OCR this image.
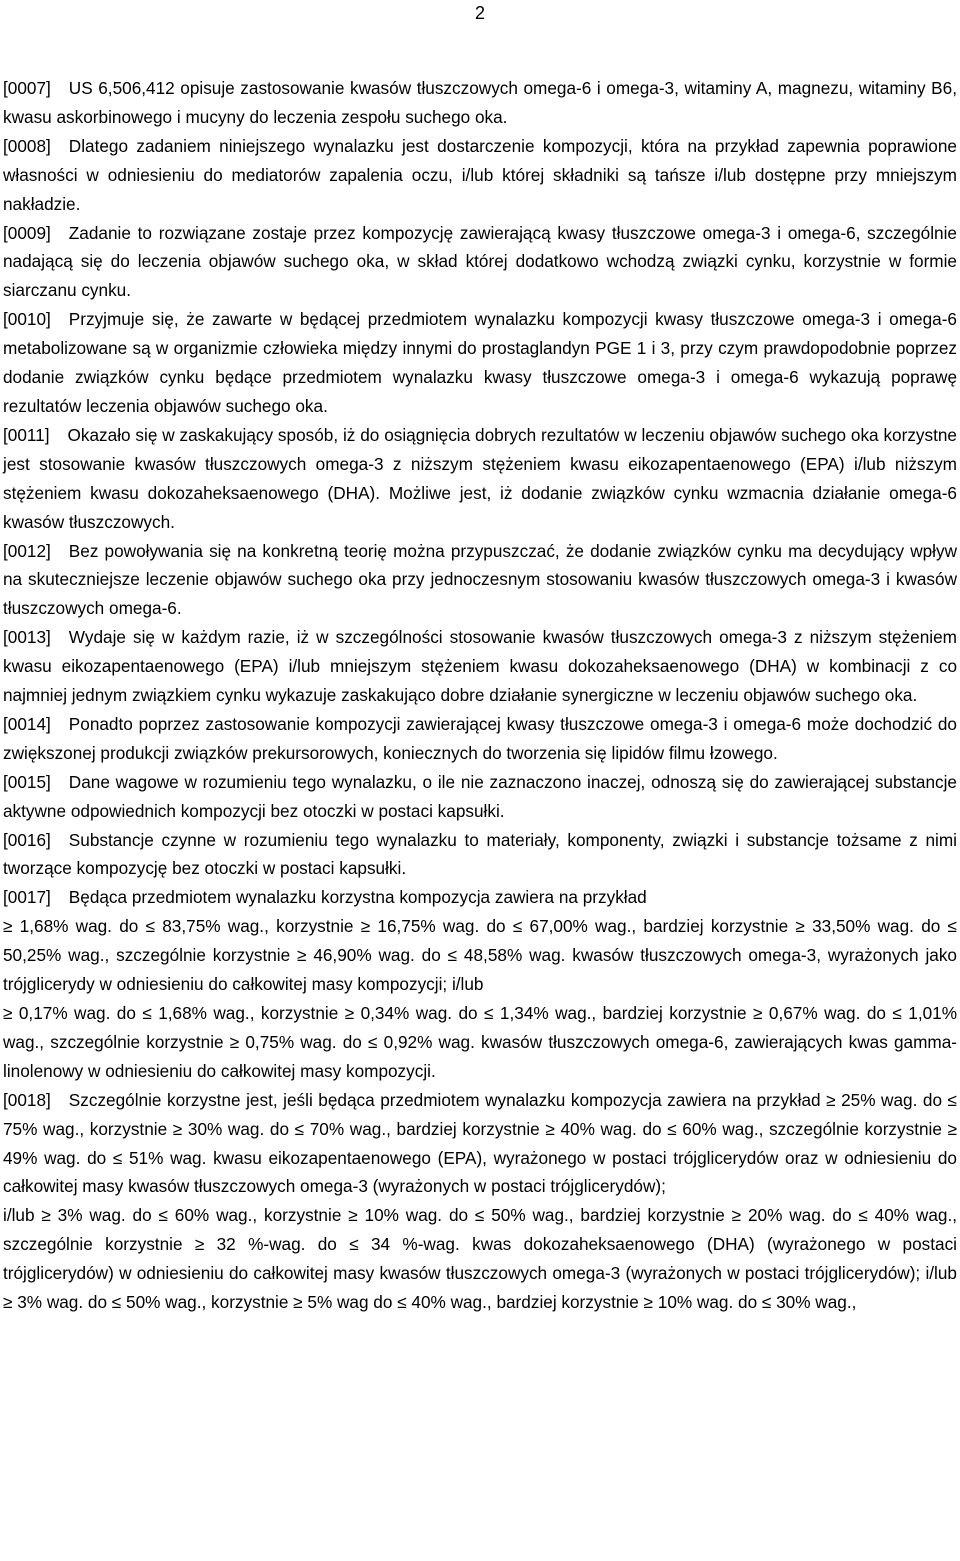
2

[0007] US 6,506,412 opisuje zastosowanie kwasów tłuszczowych omega-6 i omega-3, witaminy A, magnezu, witaminy B6, kwasu askorbinowego i mucyny do leczenia zespołu suchego oka.

[0008] Dlatego zadaniem niniejszego wynalazku jest dostarczenie kompozycji, która na przykład zapewnia poprawione własności w odniesieniu do mediatorów zapalenia oczu, i/lub której składniki są tańsze i/lub dostępne przy mniejszym nakładzie.

[0009] Zadanie to rozwiązane zostaje przez kompozycję zawierającą kwasy tłuszczowe omega-3 i omega-6, szczególnie nadającą się do leczenia objawów suchego oka, w skład której dodatkowo wchodzą związki cynku, korzystnie w formie siarczanu cynku.

[0010] Przyjmuje się, że zawarte w będącej przedmiotem wynalazku kompozycji kwasy tłuszczowe omega-3 i omega-6 metabolizowane są w organizmie człowieka między innymi do prostaglandyn PGE 1 i 3, przy czym prawdopodobnie poprzez dodanie związków cynku będące przedmiotem wynalazku kwasy tłuszczowe omega-3 i omega-6 wykazują poprawę rezultatów leczenia objawów suchego oka.

[0011] Okazało się w zaskakujący sposób, iż do osiągnięcia dobrych rezultatów w leczeniu objawów suchego oka korzystne jest stosowanie kwasów tłuszczowych omega-3 z niższym stężeniem kwasu eikozapentaenowego (EPA) i/lub niższym stężeniem kwasu dokozaheksaenowego (DHA). Możliwe jest, iż dodanie związków cynku wzmacnia działanie omega-6 kwasów tłuszczowych.

[0012] Bez powoływania się na konkretną teorię można przypuszczać, że dodanie związków cynku ma decydujący wpływ na skuteczniejsze leczenie objawów suchego oka przy jednoczesnym stosowaniu kwasów tłuszczowych omega-3 i kwasów tłuszczowych omega-6.

[0013] Wydaje się w każdym razie, iż w szczególności stosowanie kwasów tłuszczowych omega-3 z niższym stężeniem kwasu eikozapentaenowego (EPA) i/lub mniejszym stężeniem kwasu dokozaheksaenowego (DHA) w kombinacji z co najmniej jednym związkiem cynku wykazuje zaskakująco dobre działanie synergiczne w leczeniu objawów suchego oka.

[0014] Ponadto poprzez zastosowanie kompozycji zawierającej kwasy tłuszczowe omega-3 i omega-6 może dochodzić do zwiększonej produkcji związków prekursorowych, koniecznych do tworzenia się lipidów filmu łzowego.

[0015] Dane wagowe w rozumieniu tego wynalazku, o ile nie zaznaczono inaczej, odnoszą się do zawierającej substancje aktywne odpowiednich kompozycji bez otoczki w postaci kapsułki.

[0016] Substancje czynne w rozumieniu tego wynalazku to materiały, komponenty, związki i substancje tożsame z nimi tworzące kompozycję bez otoczki w postaci kapsułki.

[0017] Będąca przedmiotem wynalazku korzystna kompozycja zawiera na przykład

≥ 1,68% wag. do ≤ 83,75% wag., korzystnie ≥ 16,75% wag. do ≤ 67,00% wag., bardziej korzystnie ≥ 33,50% wag. do ≤ 50,25% wag., szczególnie korzystnie ≥ 46,90% wag. do ≤ 48,58% wag. kwasów tłuszczowych omega-3, wyrażonych jako trójglicerydy w odniesieniu do całkowitej masy kompozycji; i/lub

≥ 0,17% wag. do ≤ 1,68% wag., korzystnie ≥ 0,34% wag. do ≤ 1,34% wag., bardziej korzystnie ≥ 0,67% wag. do ≤ 1,01% wag., szczególnie korzystnie ≥ 0,75% wag. do ≤ 0,92% wag. kwasów tłuszczowych omega-6, zawierających kwas gamma-linolenowy w odniesieniu do całkowitej masy kompozycji.

[0018] Szczególnie korzystne jest, jeśli będąca przedmiotem wynalazku kompozycja zawiera na przykład ≥ 25% wag. do ≤ 75% wag., korzystnie ≥ 30% wag. do ≤ 70% wag., bardziej korzystnie ≥ 40% wag. do ≤ 60% wag., szczególnie korzystnie ≥ 49% wag. do ≤ 51% wag. kwasu eikozapentaenowego (EPA), wyrażonego w postaci trójglicerydów oraz w odniesieniu do całkowitej masy kwasów tłuszczowych omega-3 (wyrażonych w postaci trójglicerydów);

i/lub ≥ 3% wag. do ≤ 60% wag., korzystnie ≥ 10% wag. do ≤ 50% wag., bardziej korzystnie ≥ 20% wag. do ≤ 40% wag., szczególnie korzystnie ≥ 32 %-wag. do ≤ 34 %-wag. kwas dokozaheksaenowego (DHA) (wyrażonego w postaci trójglicerydów) w odniesieniu do całkowitej masy kwasów tłuszczowych omega-3 (wyrażonych w postaci trójglicerydów); i/lub ≥ 3% wag. do ≤ 50% wag., korzystnie ≥ 5% wag do ≤ 40% wag., bardziej korzystnie ≥ 10% wag. do ≤ 30% wag.,
